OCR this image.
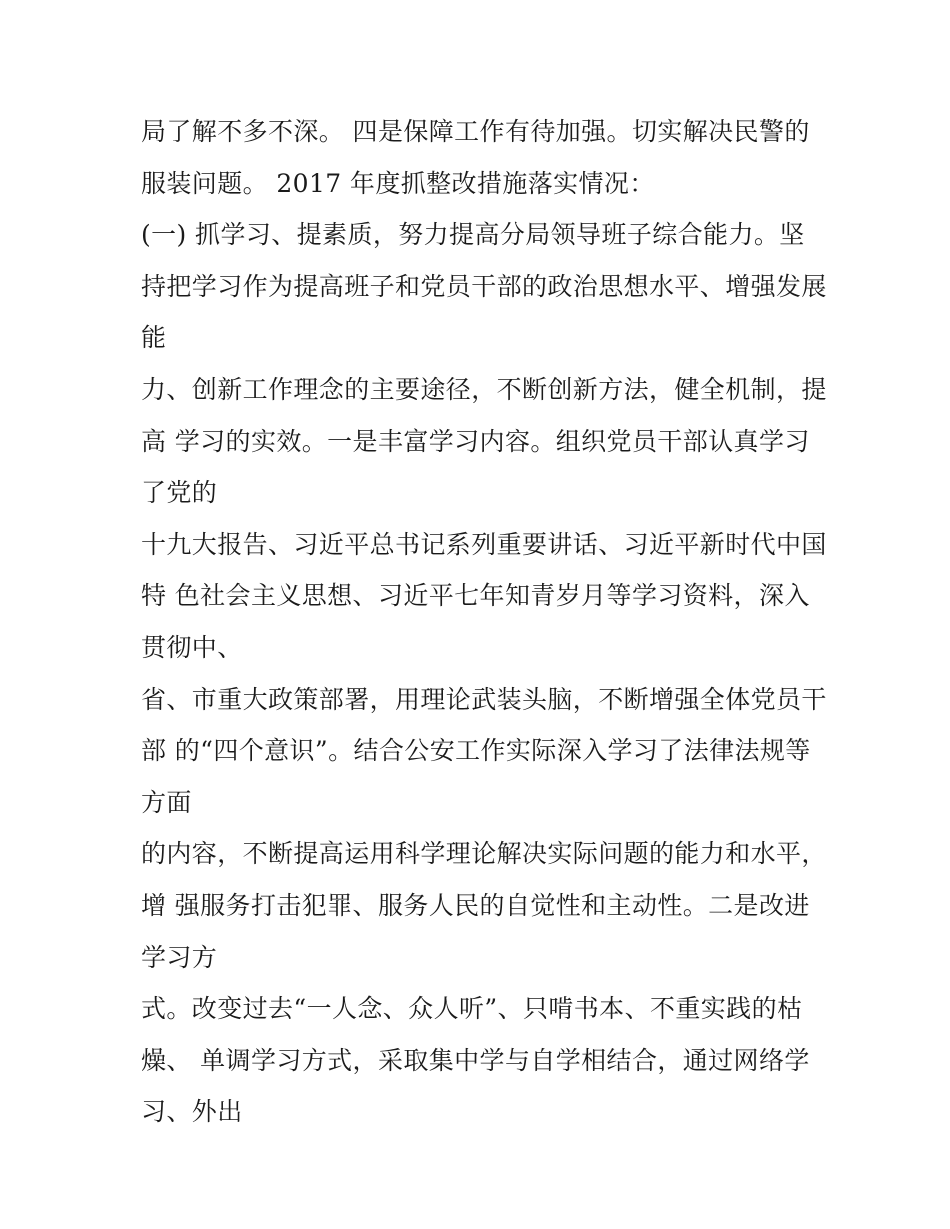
局了解不多不深。 四是保障工作有待加强。切实解决民警的
服装问题。 2017 年度抓整改措施落实情况：
(一) 抓学习、提素质，努力提高分局领导班子综合能力。坚
持把学习作为提高班子和党员干部的政治思想水平、增强发展
能
力、创新工作理念的主要途径，不断创新方法，健全机制，提
高 学习的实效。一是丰富学习内容。组织党员干部认真学习
了党的
十九大报告、习近平总书记系列重要讲话、习近平新时代中国
特 色社会主义思想、习近平七年知青岁月等学习资料，深入
贯彻中、
省、市重大政策部署，用理论武装头脑，不断增强全体党员干
部 的“四个意识”。结合公安工作实际深入学习了法律法规等
方面
的内容，不断提高运用科学理论解决实际问题的能力和水平，
增 强服务打击犯罪、服务人民的自觉性和主动性。二是改进
学习方
式。改变过去“一人念、众人听”、只啃书本、不重实践的枯
燥、 单调学习方式，采取集中学与自学相结合，通过网络学
习、外出
